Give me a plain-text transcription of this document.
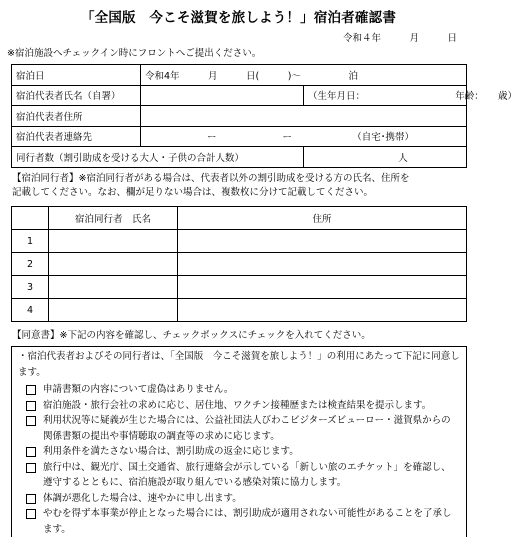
「全国版　今こそ滋賀を旅しよう！」宿泊者確認書
令和４年　　　月　　　日
※宿泊施設へチェックイン時にフロントへご提出ください。
宿泊日	令和4年　　　月　　　日(　　　)～　　　　　泊	
宿泊代表者氏名（自署）		（生年月日：　　　　　　　　　　年齢：　　歳）
宿泊代表者住所		
宿泊代表者連絡先	ー ー （自宅･携帯）	

同行者数（割引助成を受ける大人・子供の合計人数）		人
【宿泊同行者】※宿泊同行者がある場合は、代表者以外の割引助成を受ける方の氏名、住所を
記載してください。なお、欄が足りない場合は、複数枚に分けて記載してください。
	宿泊同行者　氏名	住所
1		
2		
3		
4		
【同意書】※下記の内容を確認し、チェックボックスにチェックを入れてください。
・宿泊代表者およびその同行者は、「全国版　今こそ滋賀を旅しよう！」の利用にあたって下記に同意します。
申請書類の内容について虚偽はありません。
宿泊施設・旅行会社の求めに応じ、居住地、ワクチン接種歴または検査結果を提示します。
利用状況等に疑義が生じた場合には、公益社団法人びわこビジターズビューロー・滋賀県からの関係書類の提出や事情聴取の調査等の求めに応じます。
利用条件を満たさない場合は、割引助成の返金に応じます。
旅行中は、観光庁、国土交通省、旅行連絡会が示している「新しい旅のエチケット」を確認し、遵守するとともに、宿泊施設が取り組んでいる感染対策に協力します。
体調が悪化した場合は、速やかに申し出ます。
やむを得ず本事業が停止となった場合には、割引助成が適用されない可能性があることを了承します。
